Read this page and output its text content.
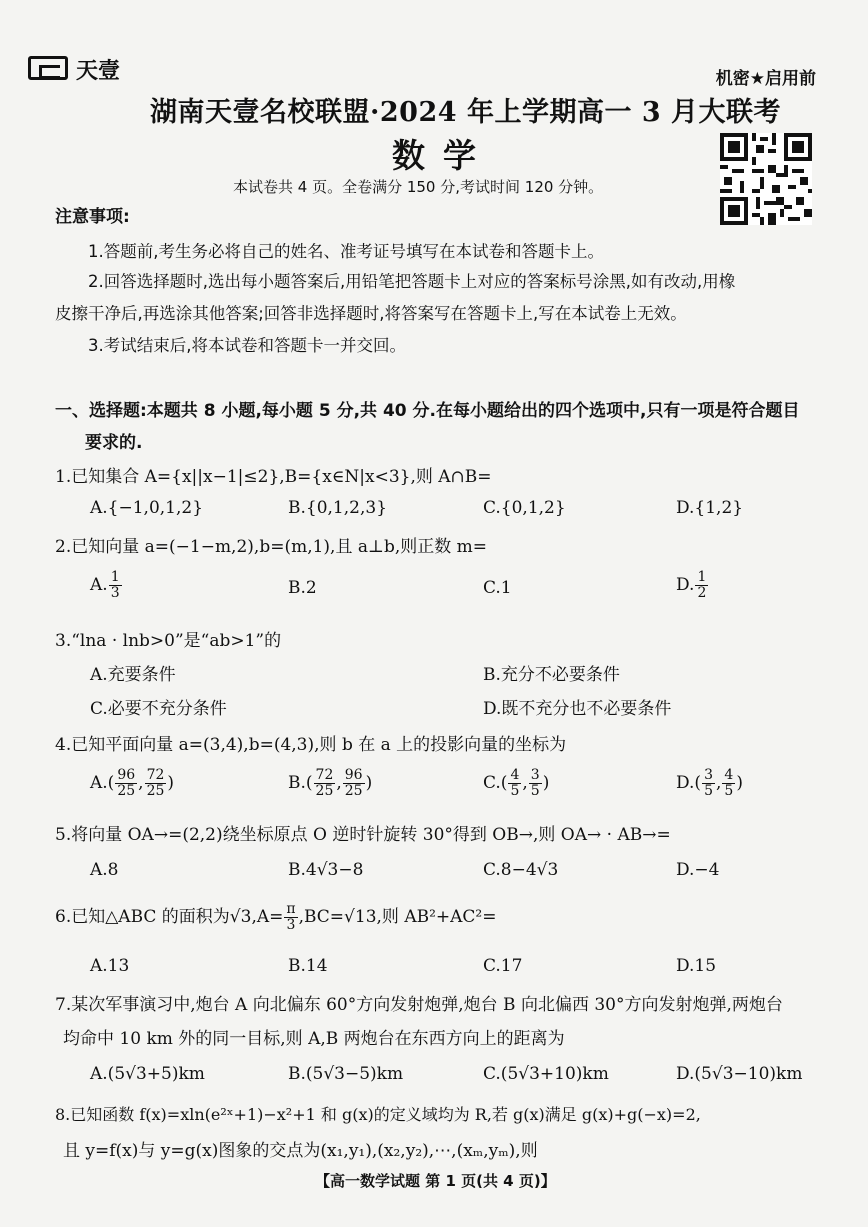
天壹	机密★启用前
湖南天壹名校联盟·2024 年上学期高一 3 月大联考
数学
本试卷共 4 页。全卷满分 150 分,考试时间 120 分钟。
注意事项:
1.答题前,考生务必将自己的姓名、准考证号填写在本试卷和答题卡上。
2.回答选择题时,选出每小题答案后,用铅笔把答题卡上对应的答案标号涂黑,如有改动,用橡
皮擦干净后,再选涂其他答案;回答非选择题时,将答案写在答题卡上,写在本试卷上无效。
3.考试结束后,将本试卷和答题卡一并交回。
一、选择题:本题共 8 小题,每小题 5 分,共 40 分.在每小题给出的四个选项中,只有一项是符合题目
要求的.
1.已知集合 A={x||x−1|≤2},B={x∈N|x<3},则 A∩B=
A.{−1,0,1,2}	B.{0,1,2,3}	C.{0,1,2}	D.{1,2}
2.已知向量 a=(−1−m,2),b=(m,1),且 a⊥b,则正数 m=
A. $\frac{1}{3}$	B.2	C.1	D. $\frac{1}{2}$
3.“lna · lnb>0”是“ab>1”的
A.充要条件	B.充分不必要条件
C.必要不充分条件	D.既不充分也不必要条件
4.已知平面向量 a=(3,4),b=(4,3),则 b 在 a 上的投影向量的坐标为
$A.( \frac{96}{25}$ , $\frac{72}{25}$ )	$B.( \frac{72}{25}$ , $\frac{96}{25}$ )	$C.( \frac{4}{5}$ , $\frac{3}{5}$ )	$D.( \frac{3}{5}$ , $\frac{4}{5}$ )
5.将向量 OA→=(2,2)绕坐标原点 O 逆时针旋转 30°得到 OB→,则 OA→ · AB→=
A.8	B.4√3−8	C.8−4√3	D.−4
6.已知△ABC 的面积为$√3,A= \frac{\pi}{3} ,BC=√13$,则 AB²+AC²=
A.13	B.14	C.17	D.15
7.某次军事演习中,炮台 A 向北偏东 60°方向发射炮弹,炮台 B 向北偏西 30°方向发射炮弹,两炮台
均命中 10 km 外的同一目标,则 A,B 两炮台在东西方向上的距离为
A.(5√3+5)km	B.(5√3−5)km	C.(5√3+10)km	D.(5√3−10)km
8.已知函数 f(x)=xln(e²ˣ+1)−x²+1 和 g(x)的定义域均为 R,若 g(x)满足 g(x)+g(−x)=2,
且 y=f(x)与 y=g(x)图象的交点为(x₁,y₁),(x₂,y₂),⋯,(xₘ,yₘ),则
【高一数学试题 第 1 页(共 4 页)】
